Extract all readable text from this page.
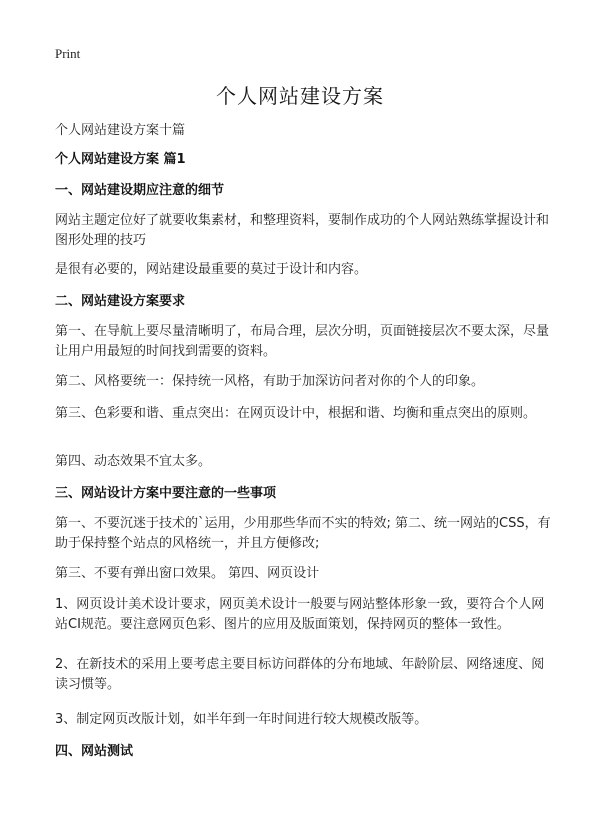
Print
个人网站建设方案

个人网站建设方案十篇

个人网站建设方案 篇1

一、网站建设期应注意的细节

网站主题定位好了就要收集素材，和整理资料，要制作成功的个人网站熟练掌握设计和图形处理的技巧

是很有必要的，网站建设最重要的莫过于设计和内容。

二、网站建设方案要求

第一、在导航上要尽量清晰明了，布局合理，层次分明，页面链接层次不要太深，尽量让用户用最短的时间找到需要的资料。

第二、风格要统一：保持统一风格，有助于加深访问者对你的个人的印象。

第三、色彩要和谐、重点突出：在网页设计中，根据和谐、均衡和重点突出的原则。

第四、动态效果不宜太多。

三、网站设计方案中要注意的一些事项

第一、不要沉迷于技术的`运用，少用那些华而不实的特效; 第二、统一网站的CSS，有助于保持整个站点的风格统一，并且方便修改;

第三、不要有弹出窗口效果。 第四、网页设计

1、网页设计美术设计要求，网页美术设计一般要与网站整体形象一致，要符合个人网站CI规范。要注意网页色彩、图片的应用及版面策划，保持网页的整体一致性。

2、在新技术的采用上要考虑主要目标访问群体的分布地域、年龄阶层、网络速度、阅读习惯等。

3、制定网页改版计划，如半年到一年时间进行较大规模改版等。

四、网站测试
